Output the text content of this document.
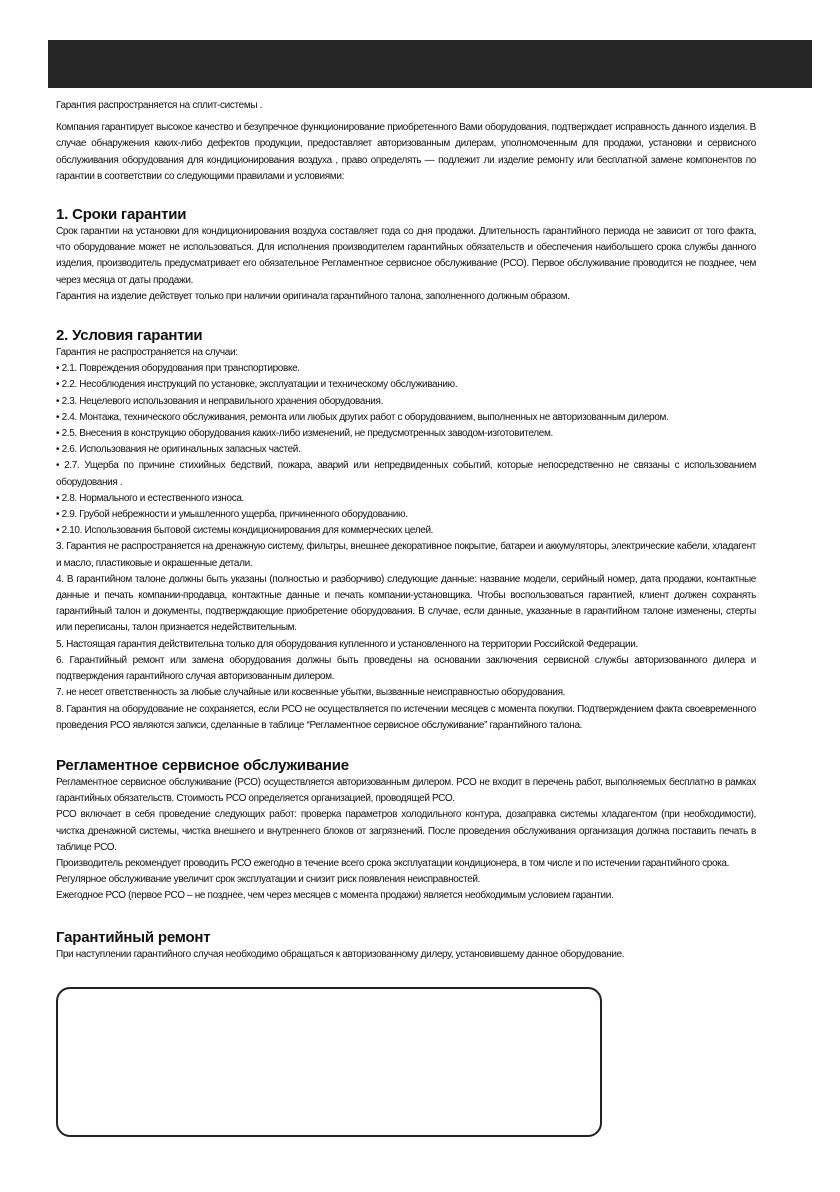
Гарантия распространяется на сплит-системы .

Компания гарантирует высокое качество и безупречное функционирование приобретенного Вами оборудования, подтверждает исправность данного изделия. В случае обнаружения каких-либо дефектов продукции, предоставляет авторизованным дилерам, уполномоченным для продажи, установки и сервисного обслуживания оборудования для кондиционирования воздуха , право определять — подлежит ли изделие ремонту или бесплатной замене компонентов по гарантии в соответствии со следующими правилами и условиями:

1. Сроки гарантии

Срок гарантии на установки для кондиционирования воздуха составляет года со дня продажи. Длительность гарантийного периода не зависит от того факта, что оборудование может не использоваться. Для исполнения производителем гарантийных обязательств и обеспечения наибольшего срока службы данного изделия, производитель предусматривает его обязательное Регламентное сервисное обслуживание (РСО). Первое обслуживание проводится не позднее, чем через месяца от даты продажи.

Гарантия на изделие действует только при наличии оригинала гарантийного талона, заполненного должным образом.

2. Условия гарантии

Гарантия не распространяется на случаи:

• 2.1. Повреждения оборудования при транспортировке.
• 2.2. Несоблюдения инструкций по установке, эксплуатации и техническому обслуживанию.
• 2.3. Нецелевого использования и неправильного хранения оборудования.
• 2.4. Монтажа, технического обслуживания, ремонта или любых других работ с оборудованием, выполненных не авторизованным дилером.
• 2.5. Внесения в конструкцию оборудования каких-либо изменений, не предусмотренных заводом-изготовителем.
• 2.6. Использования не оригинальных запасных частей.
• 2.7. Ущерба по причине стихийных бедствий, пожара, аварий или непредвиденных событий, которые непосредственно не связаны с использованием оборудования .
• 2.8. Нормального и естественного износа.
• 2.9. Грубой небрежности и умышленного ущерба, причиненного оборудованию.
• 2.10. Использования бытовой системы кондиционирования для коммерческих целей.

3. Гарантия не распространяется на дренажную систему, фильтры, внешнее декоративное покрытие, батареи и аккумуляторы, электрические кабели, хладагент и масло, пластиковые и окрашенные детали.

4. В гарантийном талоне должны быть указаны (полностью и разборчиво) следующие данные: название модели, серийный номер, дата продажи, контактные данные и печать компании-продавца, контактные данные и печать компании-установщика. Чтобы воспользоваться гарантией, клиент должен сохранять гарантийный талон и документы, подтверждающие приобретение оборудования. В случае, если данные, указанные в гарантийном талоне изменены, стерты или переписаны, талон признается недействительным.

5. Настоящая гарантия действительна только для оборудования купленного и установленного на территории Российской Федерации.

6. Гарантийный ремонт или замена оборудования должны быть проведены на основании заключения сервисной службы авторизованного дилера и подтверждения гарантийного случая авторизованным дилером.

7. не несет ответственность за любые случайные или косвенные убытки, вызванные неисправностью оборудования.

8. Гарантия на оборудование не сохраняется, если РСО не осуществляется по истечении месяцев с момента покупки. Подтверждением факта своевременного проведения РСО являются записи, сделанные в таблице “Регламентное сервисное обслуживание” гарантийного талона.

Регламентное сервисное обслуживание

Регламентное сервисное обслуживание (РСО) осуществляется авторизованным дилером. РСО не входит в перечень работ, выполняемых бесплатно в рамках гарантийных обязательств. Стоимость РСО определяется организацией, проводящей РСО.

РСО включает в себя проведение следующих работ: проверка параметров холодильного контура, дозаправка системы хладагентом (при необходимости), чистка дренажной системы, чистка внешнего и внутреннего блоков от загрязнений. После проведения обслуживания организация должна поставить печать в таблице РСО.

Производитель рекомендует проводить РСО ежегодно в течение всего срока эксплуатации кондиционера, в том числе и по истечении гарантийного срока.

Регулярное обслуживание увеличит срок эксплуатации и снизит риск появления неисправностей.

Ежегодное РСО (первое РСО – не позднее, чем через месяцев с момента продажи) является необходимым условием гарантии.

Гарантийный ремонт

При наступлении гарантийного случая необходимо обращаться к авторизованному дилеру, установившему данное оборудование.
